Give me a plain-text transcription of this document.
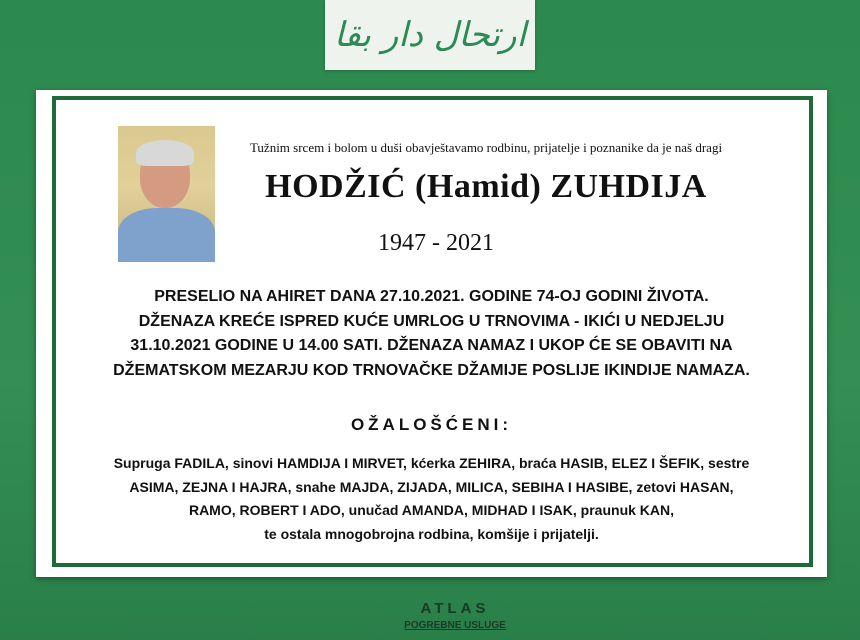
ارتحال دار بقا
Tužnim srcem i bolom u duši obavještavamo rodbinu, prijatelje i poznanike da je naš dragi
HODŽIĆ (Hamid) ZUHDIJA
1947 - 2021
PRESELIO NA AHIRET DANA 27.10.2021. GODINE 74-OJ GODINI ŽIVOTA.
DŽENAZA KREĆE ISPRED KUĆE UMRLOG U TRNOVIMA - IKIĆI U NEDJELJU
31.10.2021 GODINE U 14.00 SATI. DŽENAZA NAMAZ I UKOP ĆE SE OBAVITI NA
DŽEMATSKOM MEZARJU KOD TRNOVAČKE DŽAMIJE POSLIJE IKINDIJE NAMAZA.
OŽALOŠĆENI:
Supruga FADILA, sinovi HAMDIJA I MIRVET, kćerka ZEHIRA, braća HASIB, ELEZ I ŠEFIK, sestre
ASIMA, ZEJNA I HAJRA, snahe MAJDA, ZIJADA, MILICA, SEBIHA I HASIBE, zetovi HASAN,
RAMO, ROBERT I ADO, unučad AMANDA, MIDHAD I ISAK, praunuk KAN,
te ostala mnogobrojna rodbina, komšije i prijatelji.
ATLAS
POGREBNE USLUGE
